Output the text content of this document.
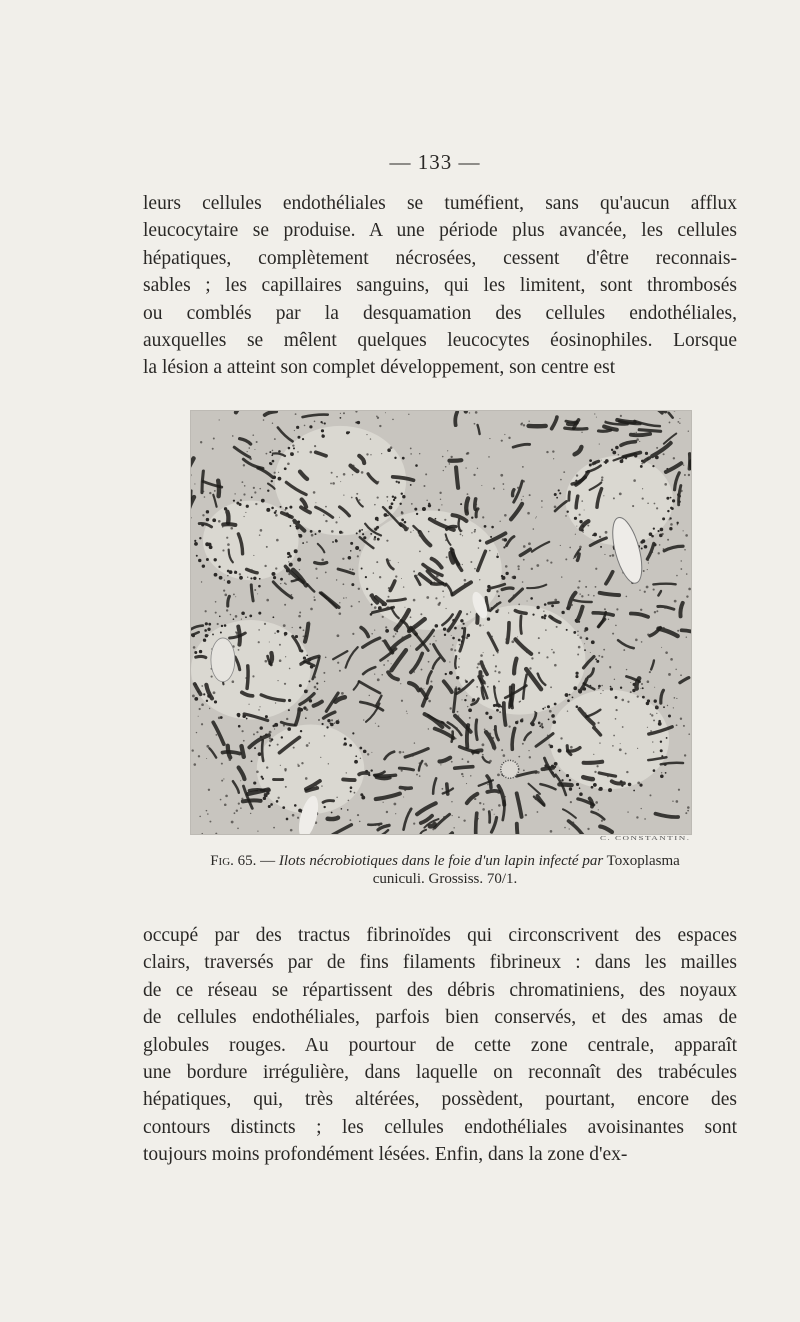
— 133 —

leurs cellules endothéliales se tuméfient, sans qu'aucun afflux
leucocytaire se produise. A une période plus avancée, les cellules
hépatiques, complètement nécrosées, cessent d'être reconnais-
sables ; les capillaires sanguins, qui les limitent, sont thrombosés
ou comblés par la desquamation des cellules endothéliales,
auxquelles se mêlent quelques leucocytes éosinophiles. Lorsque
la lésion a atteint son complet développement, son centre est

C. CONSTANTIN.
Fig. 65. — Ilots nécrobiotiques dans le foie d'un lapin infecté par Toxoplasma
cuniculi. Grossiss. 70/1.

occupé par des tractus fibrinoïdes qui circonscrivent des espaces
clairs, traversés par de fins filaments fibrineux : dans les mailles
de ce réseau se répartissent des débris chromatiniens, des noyaux
de cellules endothéliales, parfois bien conservés, et des amas de
globules rouges. Au pourtour de cette zone centrale, apparaît
une bordure irrégulière, dans laquelle on reconnaît des trabécules
hépatiques, qui, très altérées, possèdent, pourtant, encore des
contours distincts ; les cellules endothéliales avoisinantes sont
toujours moins profondément lésées. Enfin, dans la zone d'ex-
